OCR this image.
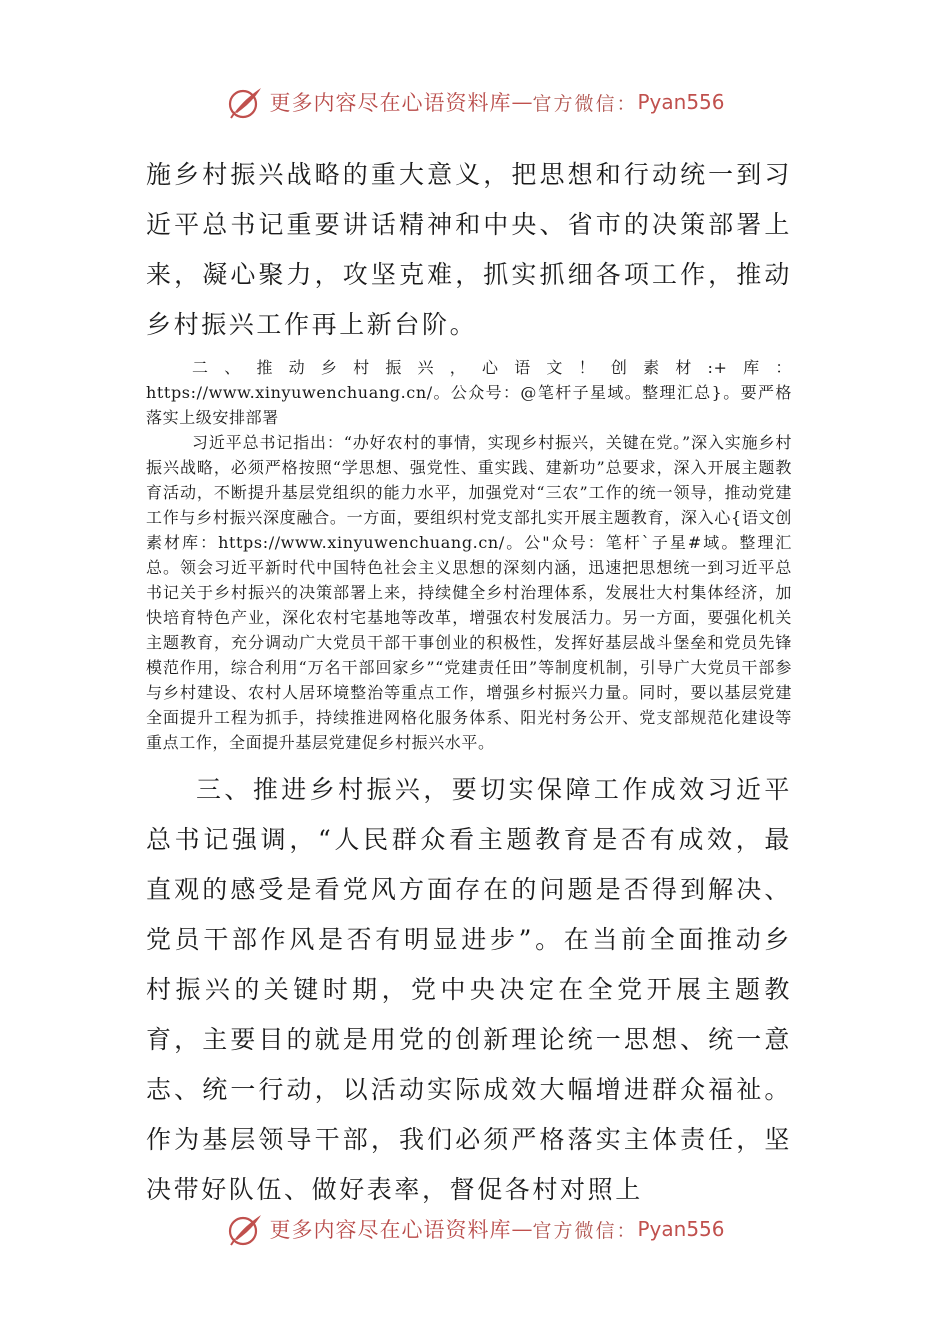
更多内容尽在心语资料库 — 官方微信： Pyan556

施乡村振兴战略的重大意义，把思想和行动统一到习近平总书记重要讲话精神和中央、省市的决策部署上来，凝心聚力，攻坚克难，抓实抓细各项工作，推动乡村振兴工作再上新台阶。

二、推动乡村振兴，心语文！创素材:+库：https://www.xinyuwenchuang.cn/。公众号：@笔杆子星域。整理汇总}。要严格落实上级安排部署

习近平总书记指出：“办好农村的事情，实现乡村振兴，关键在党。”深入实施乡村振兴战略，必须严格按照“学思想、强党性、重实践、建新功”总要求，深入开展主题教育活动，不断提升基层党组织的能力水平，加强党对“三农”工作的统一领导，推动党建工作与乡村振兴深度融合。一方面，要组织村党支部扎实开展主题教育，深入心{语文创素材库：https://www.xinyuwenchuang.cn/。公"众号：笔杆`子星#域。整理汇总。领会习近平新时代中国特色社会主义思想的深刻内涵，迅速把思想统一到习近平总书记关于乡村振兴的决策部署上来，持续健全乡村治理体系，发展壮大村集体经济，加快培育特色产业，深化农村宅基地等改革，增强农村发展活力。另一方面，要强化机关主题教育，充分调动广大党员干部干事创业的积极性，发挥好基层战斗堡垒和党员先锋模范作用，综合利用“万名干部回家乡”“党建责任田”等制度机制，引导广大党员干部参与乡村建设、农村人居环境整治等重点工作，增强乡村振兴力量。同时，要以基层党建全面提升工程为抓手，持续推进网格化服务体系、阳光村务公开、党支部规范化建设等重点工作，全面提升基层党建促乡村振兴水平。

三、推进乡村振兴，要切实保障工作成效习近平总书记强调，“人民群众看主题教育是否有成效，最直观的感受是看党风方面存在的问题是否得到解决、党员干部作风是否有明显进步”。在当前全面推动乡村振兴的关键时期，党中央决定在全党开展主题教育，主要目的就是用党的创新理论统一思想、统一意志、统一行动，以活动实际成效大幅增进群众福祉。作为基层领导干部，我们必须严格落实主体责任，坚决带好队伍、做好表率，督促各村对照上

更多内容尽在心语资料库 — 官方微信： Pyan556
